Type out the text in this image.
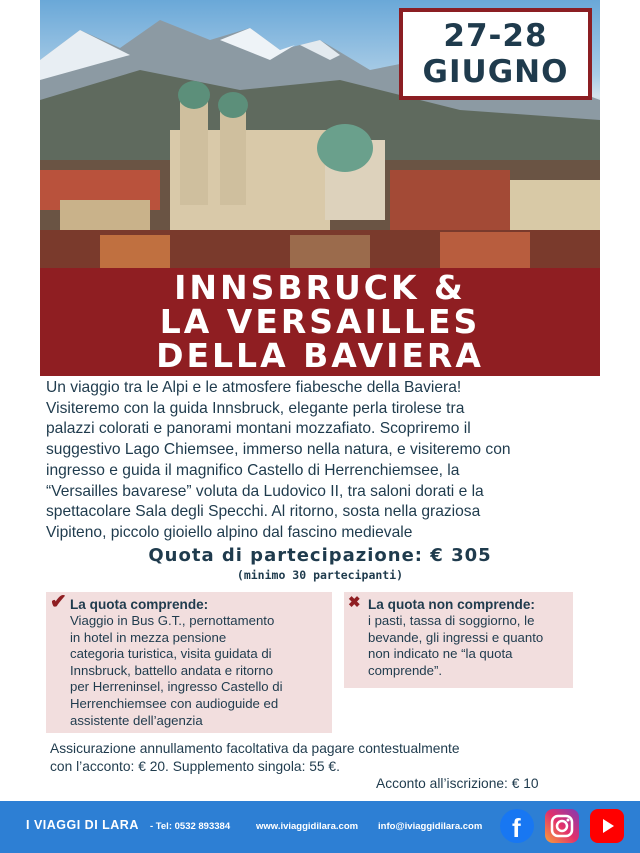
27-28
GIUGNO
INNSBRUCK &
LA VERSAILLES
DELLA BAVIERA
Un viaggio tra le Alpi e le atmosfere fiabesche della Baviera!
Visiteremo con la guida Innsbruck, elegante perla tirolese tra
palazzi colorati e panorami montani mozzafiato. Scopriremo il
suggestivo Lago Chiemsee, immerso nella natura, e visiteremo con
ingresso e guida il magnifico Castello di Herrenchiemsee, la
“Versailles bavarese” voluta da Ludovico II, tra saloni dorati e la
spettacolare Sala degli Specchi. Al ritorno, sosta nella graziosa
Vipiteno, piccolo gioiello alpino dal fascino medievale
Quota di partecipazione: € 305
(minimo 30 partecipanti)
✔ La quota comprende:
Viaggio in Bus G.T., pernottamento
in hotel in mezza pensione
categoria turistica, visita guidata di
Innsbruck, battello andata e ritorno
per Herreninsel, ingresso Castello di
Herrenchiemsee con audioguide ed
assistente dell’agenzia
✖ La quota non comprende:
i pasti, tassa di soggiorno, le
bevande, gli ingressi e quanto
non indicato ne “la quota
comprende”.
Assicurazione annullamento facoltativa da pagare contestualmente
con l’acconto: € 20. Supplemento singola: 55 €.
Acconto all’iscrizione: € 10
I VIAGGI DI LARA - Tel: 0532 893384	www.iviaggidilara.com info@iviaggidilara.com f
